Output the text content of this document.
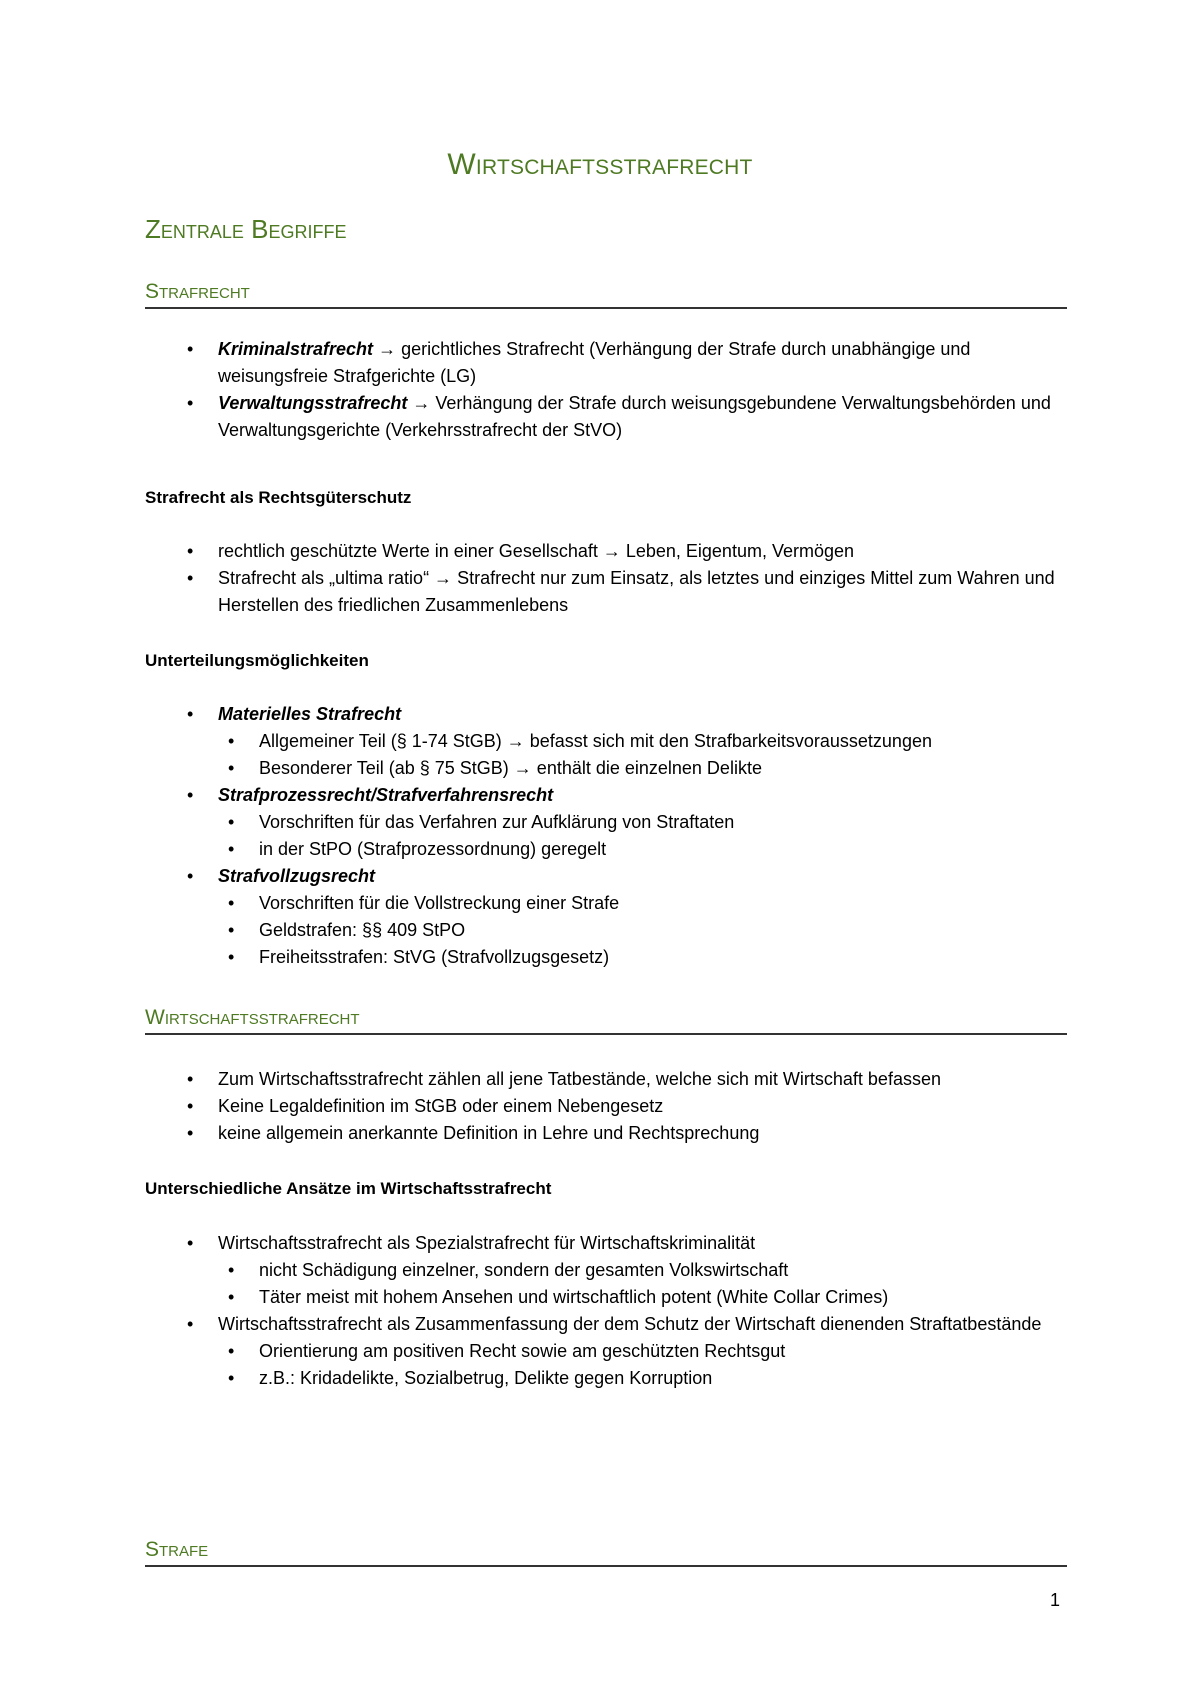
Wirtschaftsstrafrecht
Zentrale Begriffe
Strafrecht
• Kriminalstrafrecht → gerichtliches Strafrecht (Verhängung der Strafe durch unabhängige und weisungsfreie Strafgerichte (LG)
• Verwaltungsstrafrecht → Verhängung der Strafe durch weisungsgebundene Verwaltungsbehörden und Verwaltungsgerichte (Verkehrsstrafrecht der StVO)
Strafrecht als Rechtsgüterschutz
• rechtlich geschützte Werte in einer Gesellschaft → Leben, Eigentum, Vermögen
• Strafrecht als „ultima ratio“ → Strafrecht nur zum Einsatz, als letztes und einziges Mittel zum Wahren und Herstellen des friedlichen Zusammenlebens
Unterteilungsmöglichkeiten
• Materielles Strafrecht
• Allgemeiner Teil (§ 1-74 StGB) → befasst sich mit den Strafbarkeitsvoraussetzungen
• Besonderer Teil (ab § 75 StGB) → enthält die einzelnen Delikte
• Strafprozessrecht/Strafverfahrensrecht
• Vorschriften für das Verfahren zur Aufklärung von Straftaten
• in der StPO (Strafprozessordnung) geregelt
• Strafvollzugsrecht
• Vorschriften für die Vollstreckung einer Strafe
• Geldstrafen: §§ 409 StPO
• Freiheitsstrafen: StVG (Strafvollzugsgesetz)
Wirtschaftsstrafrecht
• Zum Wirtschaftsstrafrecht zählen all jene Tatbestände, welche sich mit Wirtschaft befassen
• Keine Legaldefinition im StGB oder einem Nebengesetz
• keine allgemein anerkannte Definition in Lehre und Rechtsprechung
Unterschiedliche Ansätze im Wirtschaftsstrafrecht
• Wirtschaftsstrafrecht als Spezialstrafrecht für Wirtschaftskriminalität
• nicht Schädigung einzelner, sondern der gesamten Volkswirtschaft
• Täter meist mit hohem Ansehen und wirtschaftlich potent (White Collar Crimes)
• Wirtschaftsstrafrecht als Zusammenfassung der dem Schutz der Wirtschaft dienenden Straftatbestände
• Orientierung am positiven Recht sowie am geschützten Rechtsgut
• z.B.: Kridadelikte, Sozialbetrug, Delikte gegen Korruption
Strafe
1
